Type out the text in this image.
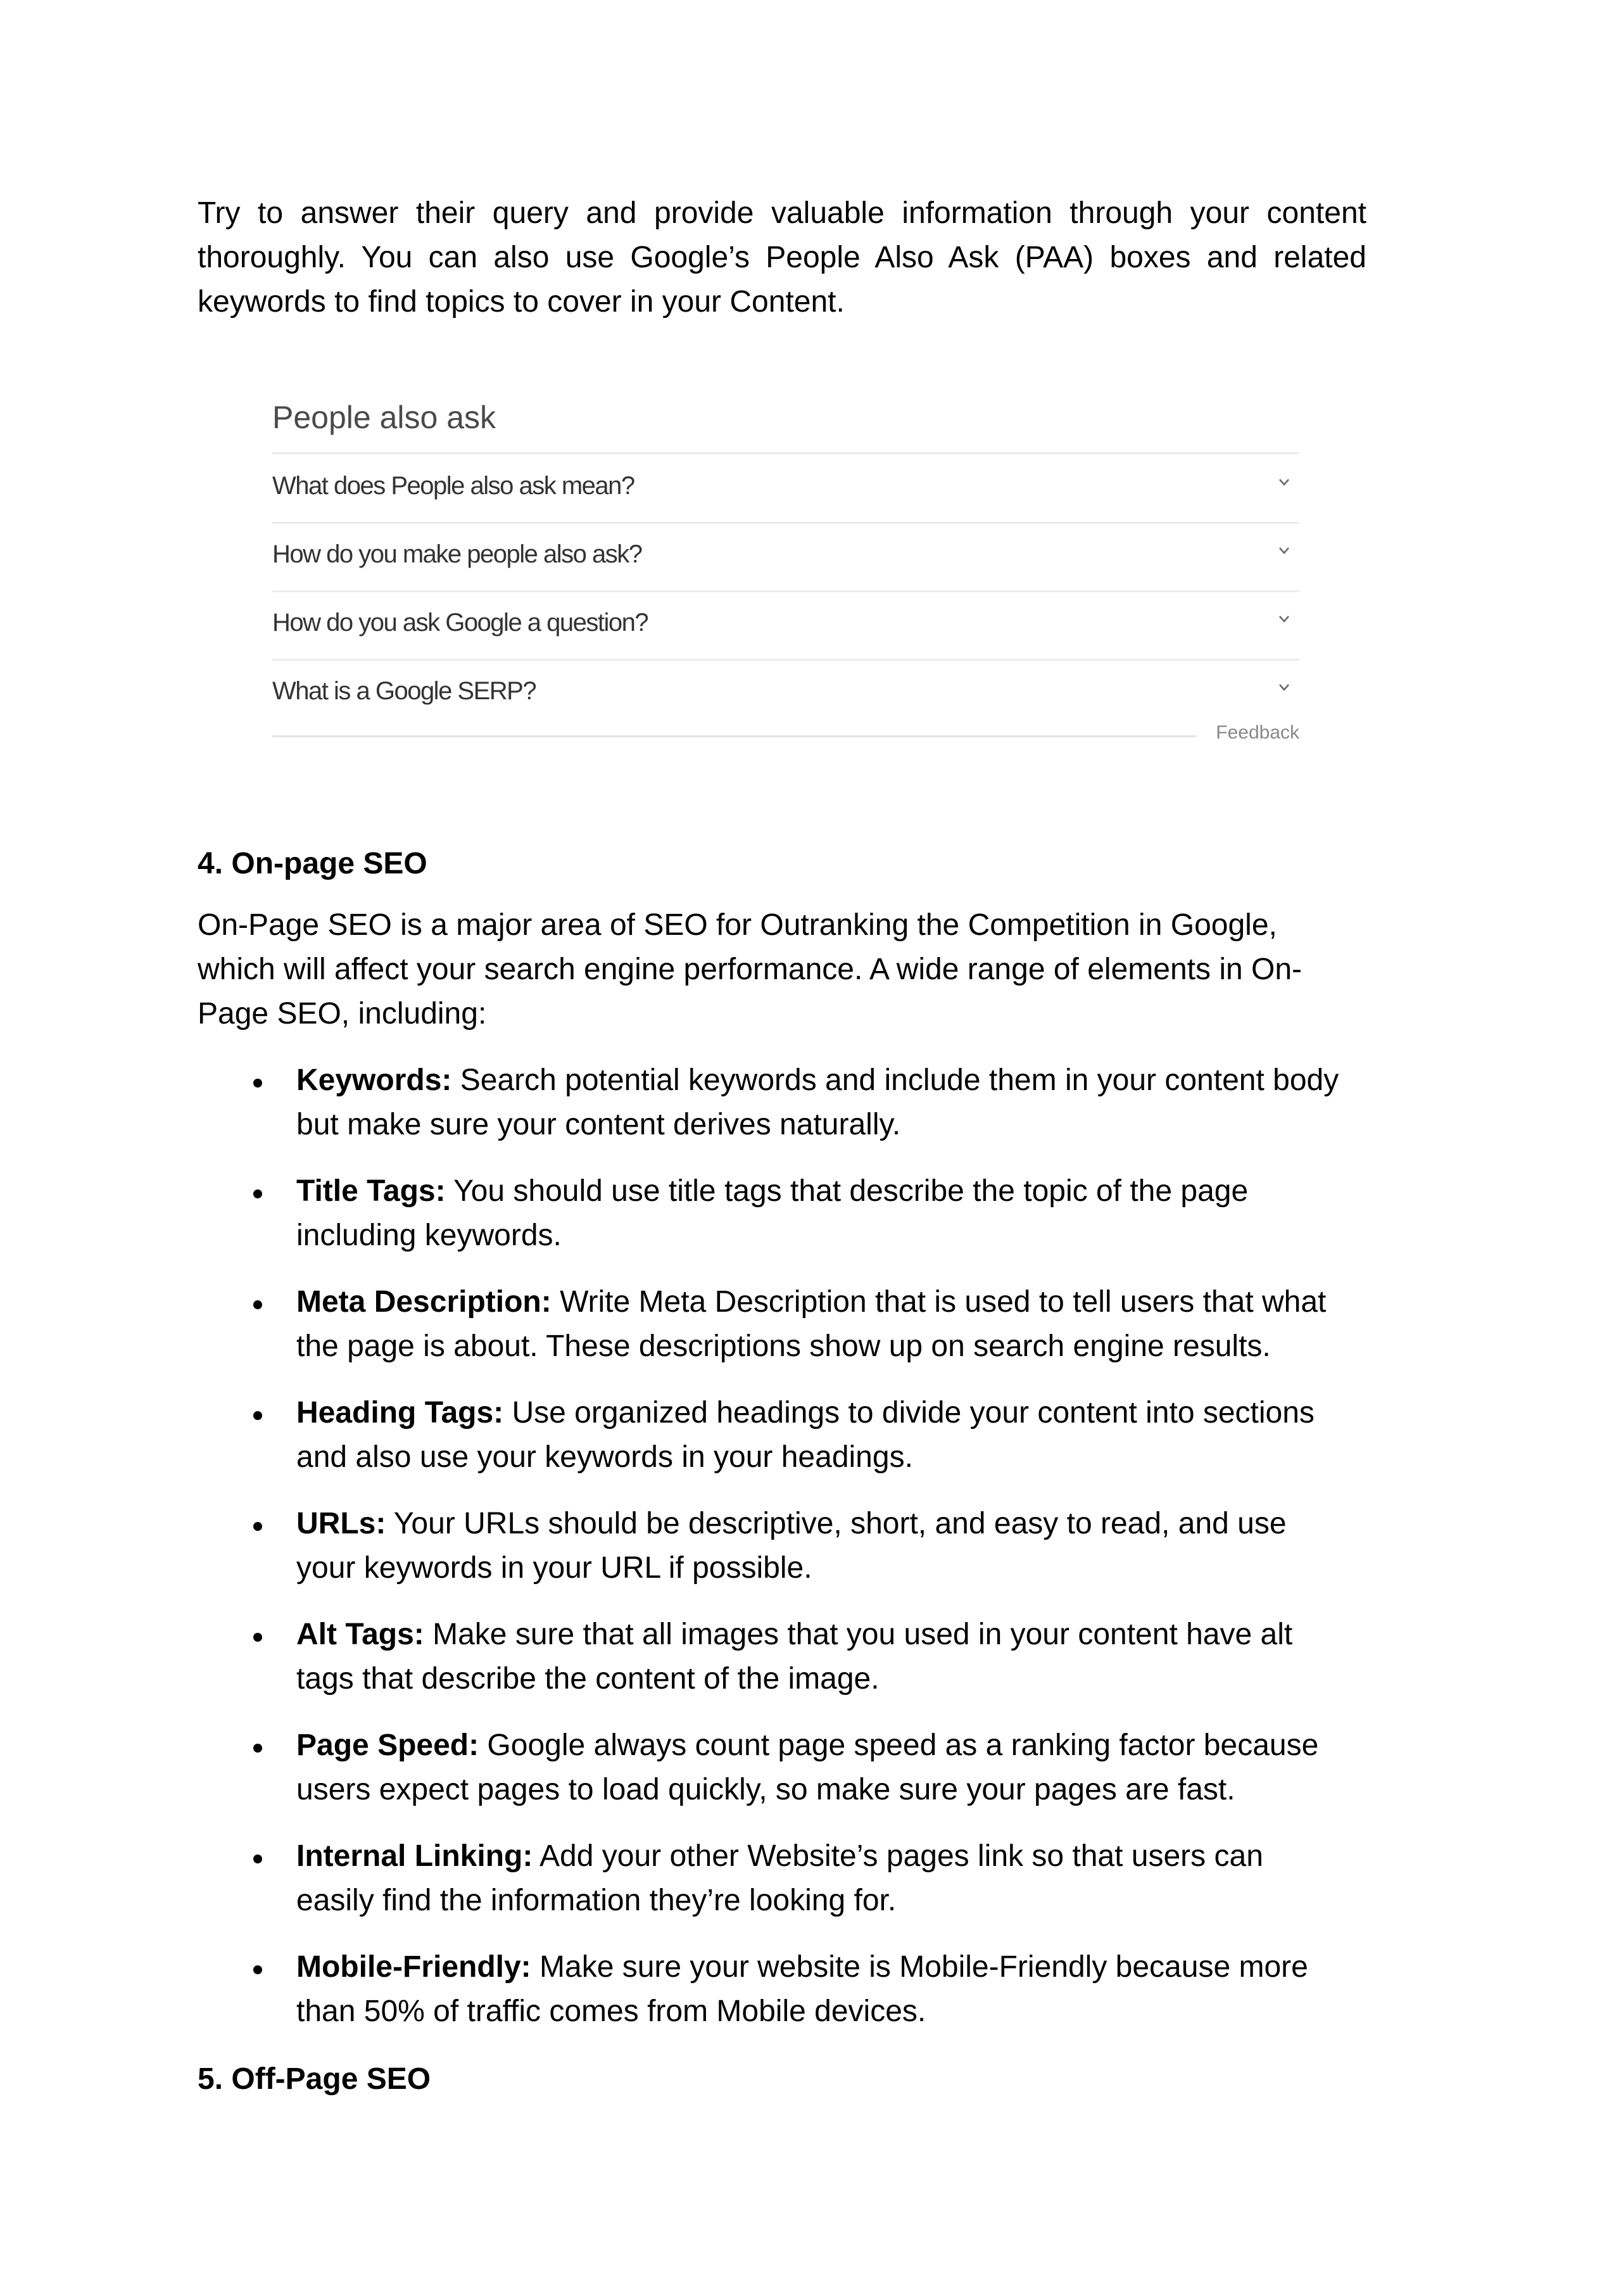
Try to answer their query and provide valuable information through your content
thoroughly. You can also use Google’s People Also Ask (PAA) boxes and related
keywords to find topics to cover in your Content.
People also ask
What does People also ask mean?
How do you make people also ask?
How do you ask Google a question?
What is a Google SERP?
Feedback
4. On-page SEO
On-Page SEO is a major area of SEO for Outranking the Competition in Google,
which will affect your search engine performance. A wide range of elements in On-
Page SEO, including:
Keywords: Search potential keywords and include them in your content body
but make sure your content derives naturally.
Title Tags: You should use title tags that describe the topic of the page
including keywords.
Meta Description: Write Meta Description that is used to tell users that what
the page is about. These descriptions show up on search engine results.
Heading Tags: Use organized headings to divide your content into sections
and also use your keywords in your headings.
URLs: Your URLs should be descriptive, short, and easy to read, and use
your keywords in your URL if possible.
Alt Tags: Make sure that all images that you used in your content have alt
tags that describe the content of the image.
Page Speed: Google always count page speed as a ranking factor because
users expect pages to load quickly, so make sure your pages are fast.
Internal Linking: Add your other Website’s pages link so that users can
easily find the information they’re looking for.
Mobile-Friendly: Make sure your website is Mobile-Friendly because more
than 50% of traffic comes from Mobile devices.
5. Off-Page SEO
